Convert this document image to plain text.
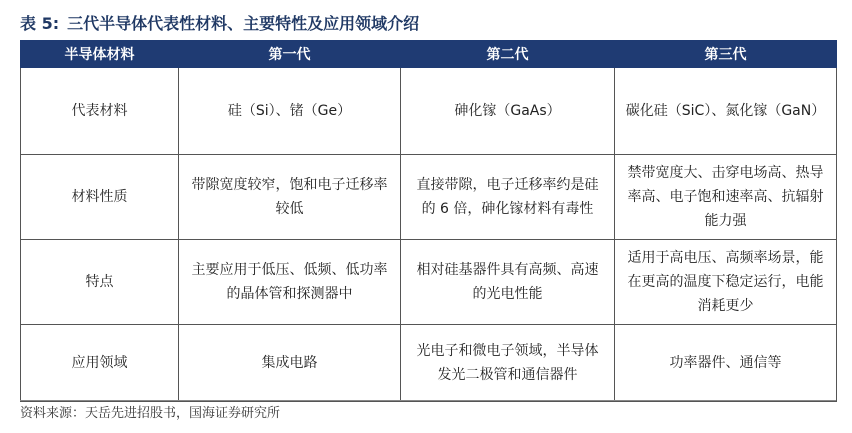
表 5: 三代半导体代表性材料、主要特性及应用领域介绍
半导体材料	第一代	第二代	第三代
代表材料	硅（Si）、锗（Ge）	砷化镓（GaAs）	碳化硅（SiC）、氮化镓（GaN）
材料性质	带隙宽度较窄，饱和电子迁移率较低	直接带隙，电子迁移率约是硅的 6 倍，砷化镓材料有毒性	禁带宽度大、击穿电场高、热导率高、电子饱和速率高、抗辐射能力强
特点	主要应用于低压、低频、低功率的晶体管和探测器中	相对硅基器件具有高频、高速的光电性能	适用于高电压、高频率场景，能在更高的温度下稳定运行，电能消耗更少
应用领域	集成电路	光电子和微电子领域，半导体发光二极管和通信器件	功率器件、通信等
资料来源：天岳先进招股书，国海证券研究所
